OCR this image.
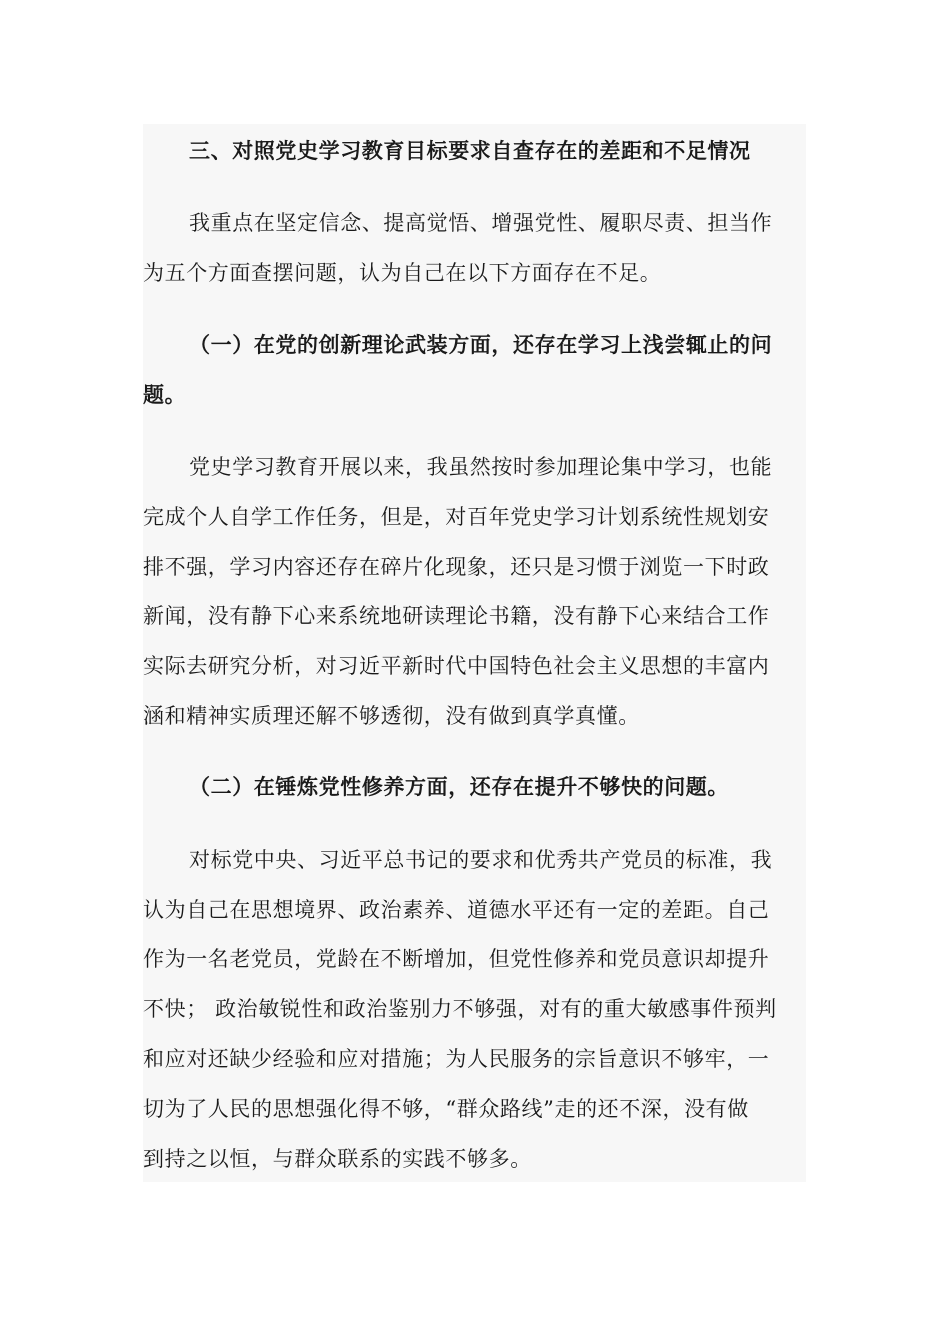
三、对照党史学习教育目标要求自查存在的差距和不足情况
我重点在坚定信念、提高觉悟、增强党性、履职尽责、担当作
为五个方面查摆问题，认为自己在以下方面存在不足。
（一）在党的创新理论武装方面，还存在学习上浅尝辄止的问
题。
党史学习教育开展以来，我虽然按时参加理论集中学习，也能
完成个人自学工作任务，但是，对百年党史学习计划系统性规划安
排不强，学习内容还存在碎片化现象，还只是习惯于浏览一下时政
新闻，没有静下心来系统地研读理论书籍，没有静下心来结合工作
实际去研究分析，对习近平新时代中国特色社会主义思想的丰富内
涵和精神实质理还解不够透彻，没有做到真学真懂。
（二）在锤炼党性修养方面，还存在提升不够快的问题。
对标党中央、习近平总书记的要求和优秀共产党员的标准，我
认为自己在思想境界、政治素养、道德水平还有一定的差距。自己
作为一名老党员，党龄在不断增加，但党性修养和党员意识却提升
不快； 政治敏锐性和政治鉴别力不够强，对有的重大敏感事件预判
和应对还缺少经验和应对措施；为人民服务的宗旨意识不够牢，一
切为了人民的思想强化得不够，“群众路线”走的还不深，没有做
到持之以恒，与群众联系的实践不够多。
